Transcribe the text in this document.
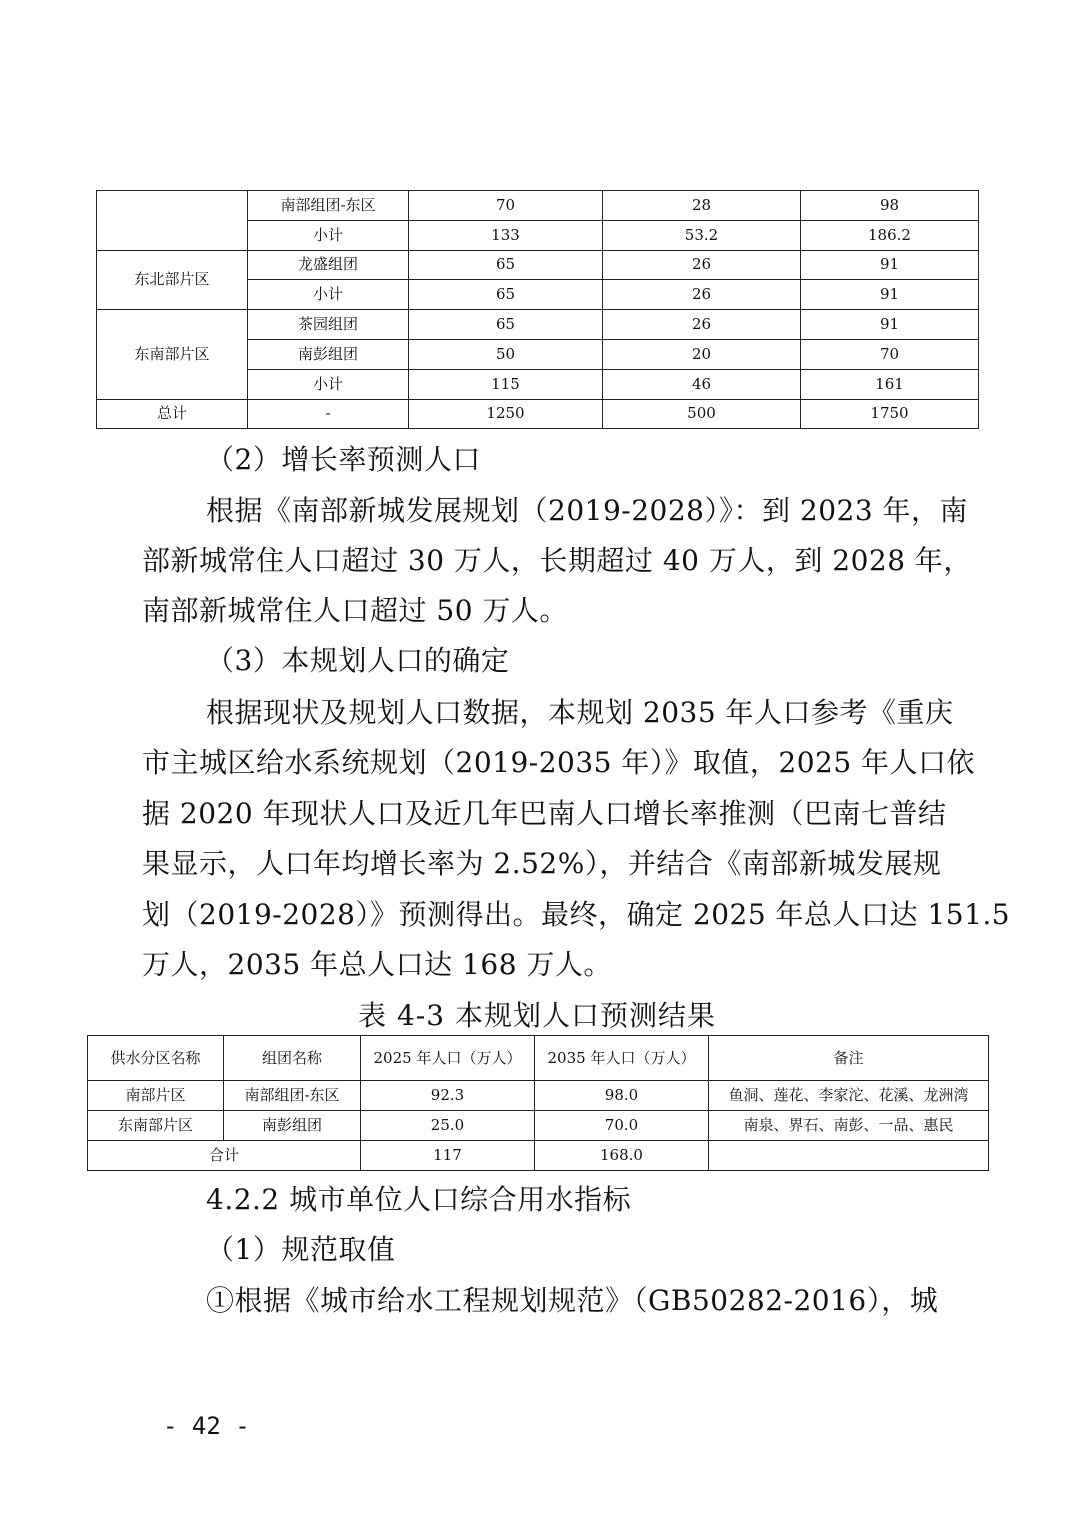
	南部组团-东区	70	28	98
	小计	133	53.2	186.2
东北部片区	龙盛组团	65	26	91
	小计	65	26	91
东南部片区	茶园组团	65	26	91
	南彭组团	50	20	70
	小计	115	46	161
总计	-	1250	500	1750
（2）增长率预测人口
根据《南部新城发展规划（2019-2028）》：到 2023 年，南
部新城常住人口超过 30 万人，长期超过 40 万人，到 2028 年，
南部新城常住人口超过 50 万人。
（3）本规划人口的确定
根据现状及规划人口数据，本规划 2035 年人口参考《重庆
市主城区给水系统规划（2019-2035 年）》取值，2025 年人口依
据 2020 年现状人口及近几年巴南人口增长率推测（巴南七普结
果显示，人口年均增长率为 2.52%），并结合《南部新城发展规
划（2019-2028）》预测得出。最终，确定 2025 年总人口达 151.5
万人，2035 年总人口达 168 万人。
表 4-3 本规划人口预测结果
供水分区名称	组团名称	2025 年人口（万人）	2035 年人口（万人）	备注
南部片区	南部组团-东区	92.3	98.0	鱼洞、莲花、李家沱、花溪、龙洲湾
东南部片区	南彭组团	25.0	70.0	南泉、界石、南彭、一品、惠民
合计		117	168.0	
4.2.2 城市单位人口综合用水指标
（1）规范取值
①根据《城市给水工程规划规范》（GB50282-2016），城
- 42 -
